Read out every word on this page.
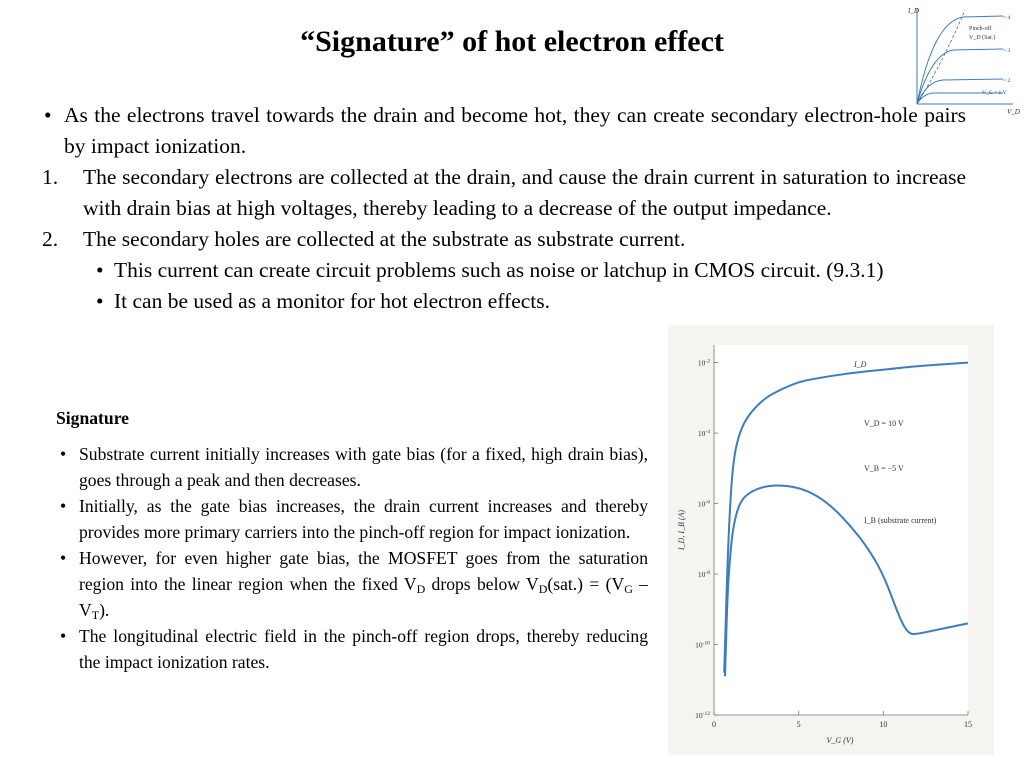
“Signature” of hot electron effect
I_D
V_D
Pinch-off
V_D (Sat.)
= 4
= 3
= 2
V_G = 1 V
• As the electrons travel towards the drain and become hot, they can create secondary electron-hole pairs by impact ionization.
1. The secondary electrons are collected at the drain, and cause the drain current in saturation to increase with drain bias at high voltages, thereby leading to a decrease of the output impedance.
2. The secondary holes are collected at the substrate as substrate current.
• This current can create circuit problems such as noise or latchup in CMOS circuit. (9.3.1)
• It can be used as a monitor for hot electron effects.
Signature
• Substrate current initially increases with gate bias (for a fixed, high drain bias), goes through a peak and then decreases.
• Initially, as the gate bias increases, the drain current increases and thereby provides more primary carriers into the pinch-off region for impact ionization.
• However, for even higher gate bias, the MOSFET goes from the saturation region into the linear region when the fixed $V_D$ drops below $V_D(sat.) = (V_G - V_T)$.
• The longitudinal electric field in the pinch-off region drops, thereby reducing the impact ionization rates.
$10^{-12}$
$10^{-10}$
$10^{-8}$
$10^{-6}$
$10^{-4}$
$10^{-2}$
0	5	10	15
I_D
V_D = 10 V
V_B = −5 V
I_B (substrate current)
I_D, I_B (A)
V_G (V)
